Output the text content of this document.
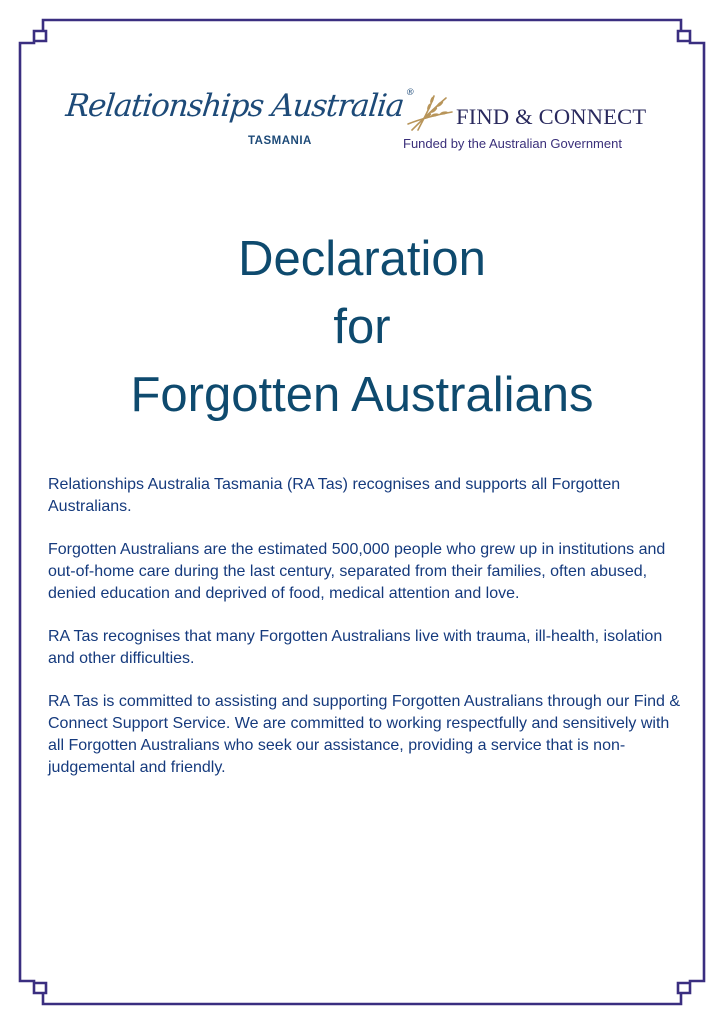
Relationships Australia®
TASMANIA
FIND & CONNECT
Funded by the Australian Government
Declaration
for
Forgotten Australians

Relationships Australia Tasmania (RA Tas) recognises and supports all Forgotten Australians.

Forgotten Australians are the estimated 500,000 people who grew up in institutions and out-of-home care during the last century, separated from their families, often abused, denied education and deprived of food, medical attention and love.

RA Tas recognises that many Forgotten Australians live with trauma, ill-health, isolation and other difficulties.

RA Tas is committed to assisting and supporting Forgotten Australians through our Find & Connect Support Service. We are committed to working respectfully and sensitively with all Forgotten Australians who seek our assistance, providing a service that is non-judgemental and friendly.
